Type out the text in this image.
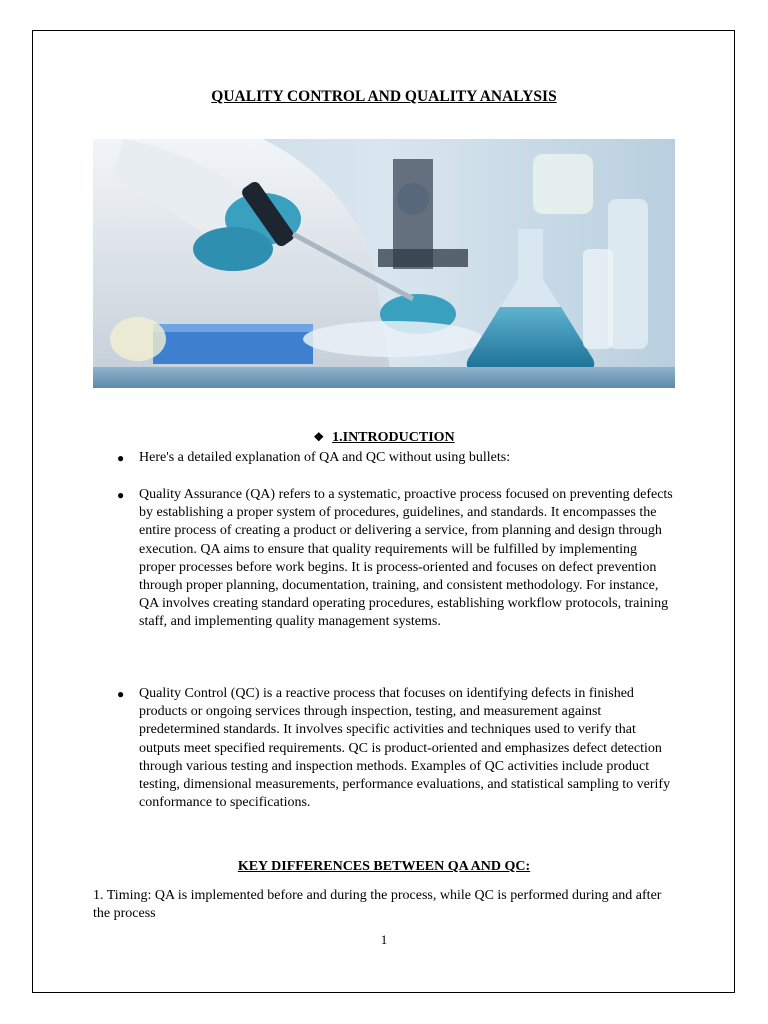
QUALITY CONTROL AND QUALITY ANALYSIS
❖ 1.INTRODUCTION
● Here's a detailed explanation of QA and QC without using bullets:
● Quality Assurance (QA) refers to a systematic, proactive process focused on preventing defects by establishing a proper system of procedures, guidelines, and standards. It encompasses the entire process of creating a product or delivering a service, from planning and design through execution. QA aims to ensure that quality requirements will be fulfilled by implementing proper processes before work begins. It is process-oriented and focuses on defect prevention through proper planning, documentation, training, and consistent methodology. For instance, QA involves creating standard operating procedures, establishing workflow protocols, training staff, and implementing quality management systems.
● Quality Control (QC) is a reactive process that focuses on identifying defects in finished products or ongoing services through inspection, testing, and measurement against predetermined standards. It involves specific activities and techniques used to verify that outputs meet specified requirements. QC is product-oriented and emphasizes defect detection through various testing and inspection methods. Examples of QC activities include product testing, dimensional measurements, performance evaluations, and statistical sampling to verify conformance to specifications.
KEY DIFFERENCES BETWEEN QA AND QC:
1. Timing: QA is implemented before and during the process, while QC is performed during and after the process
1
